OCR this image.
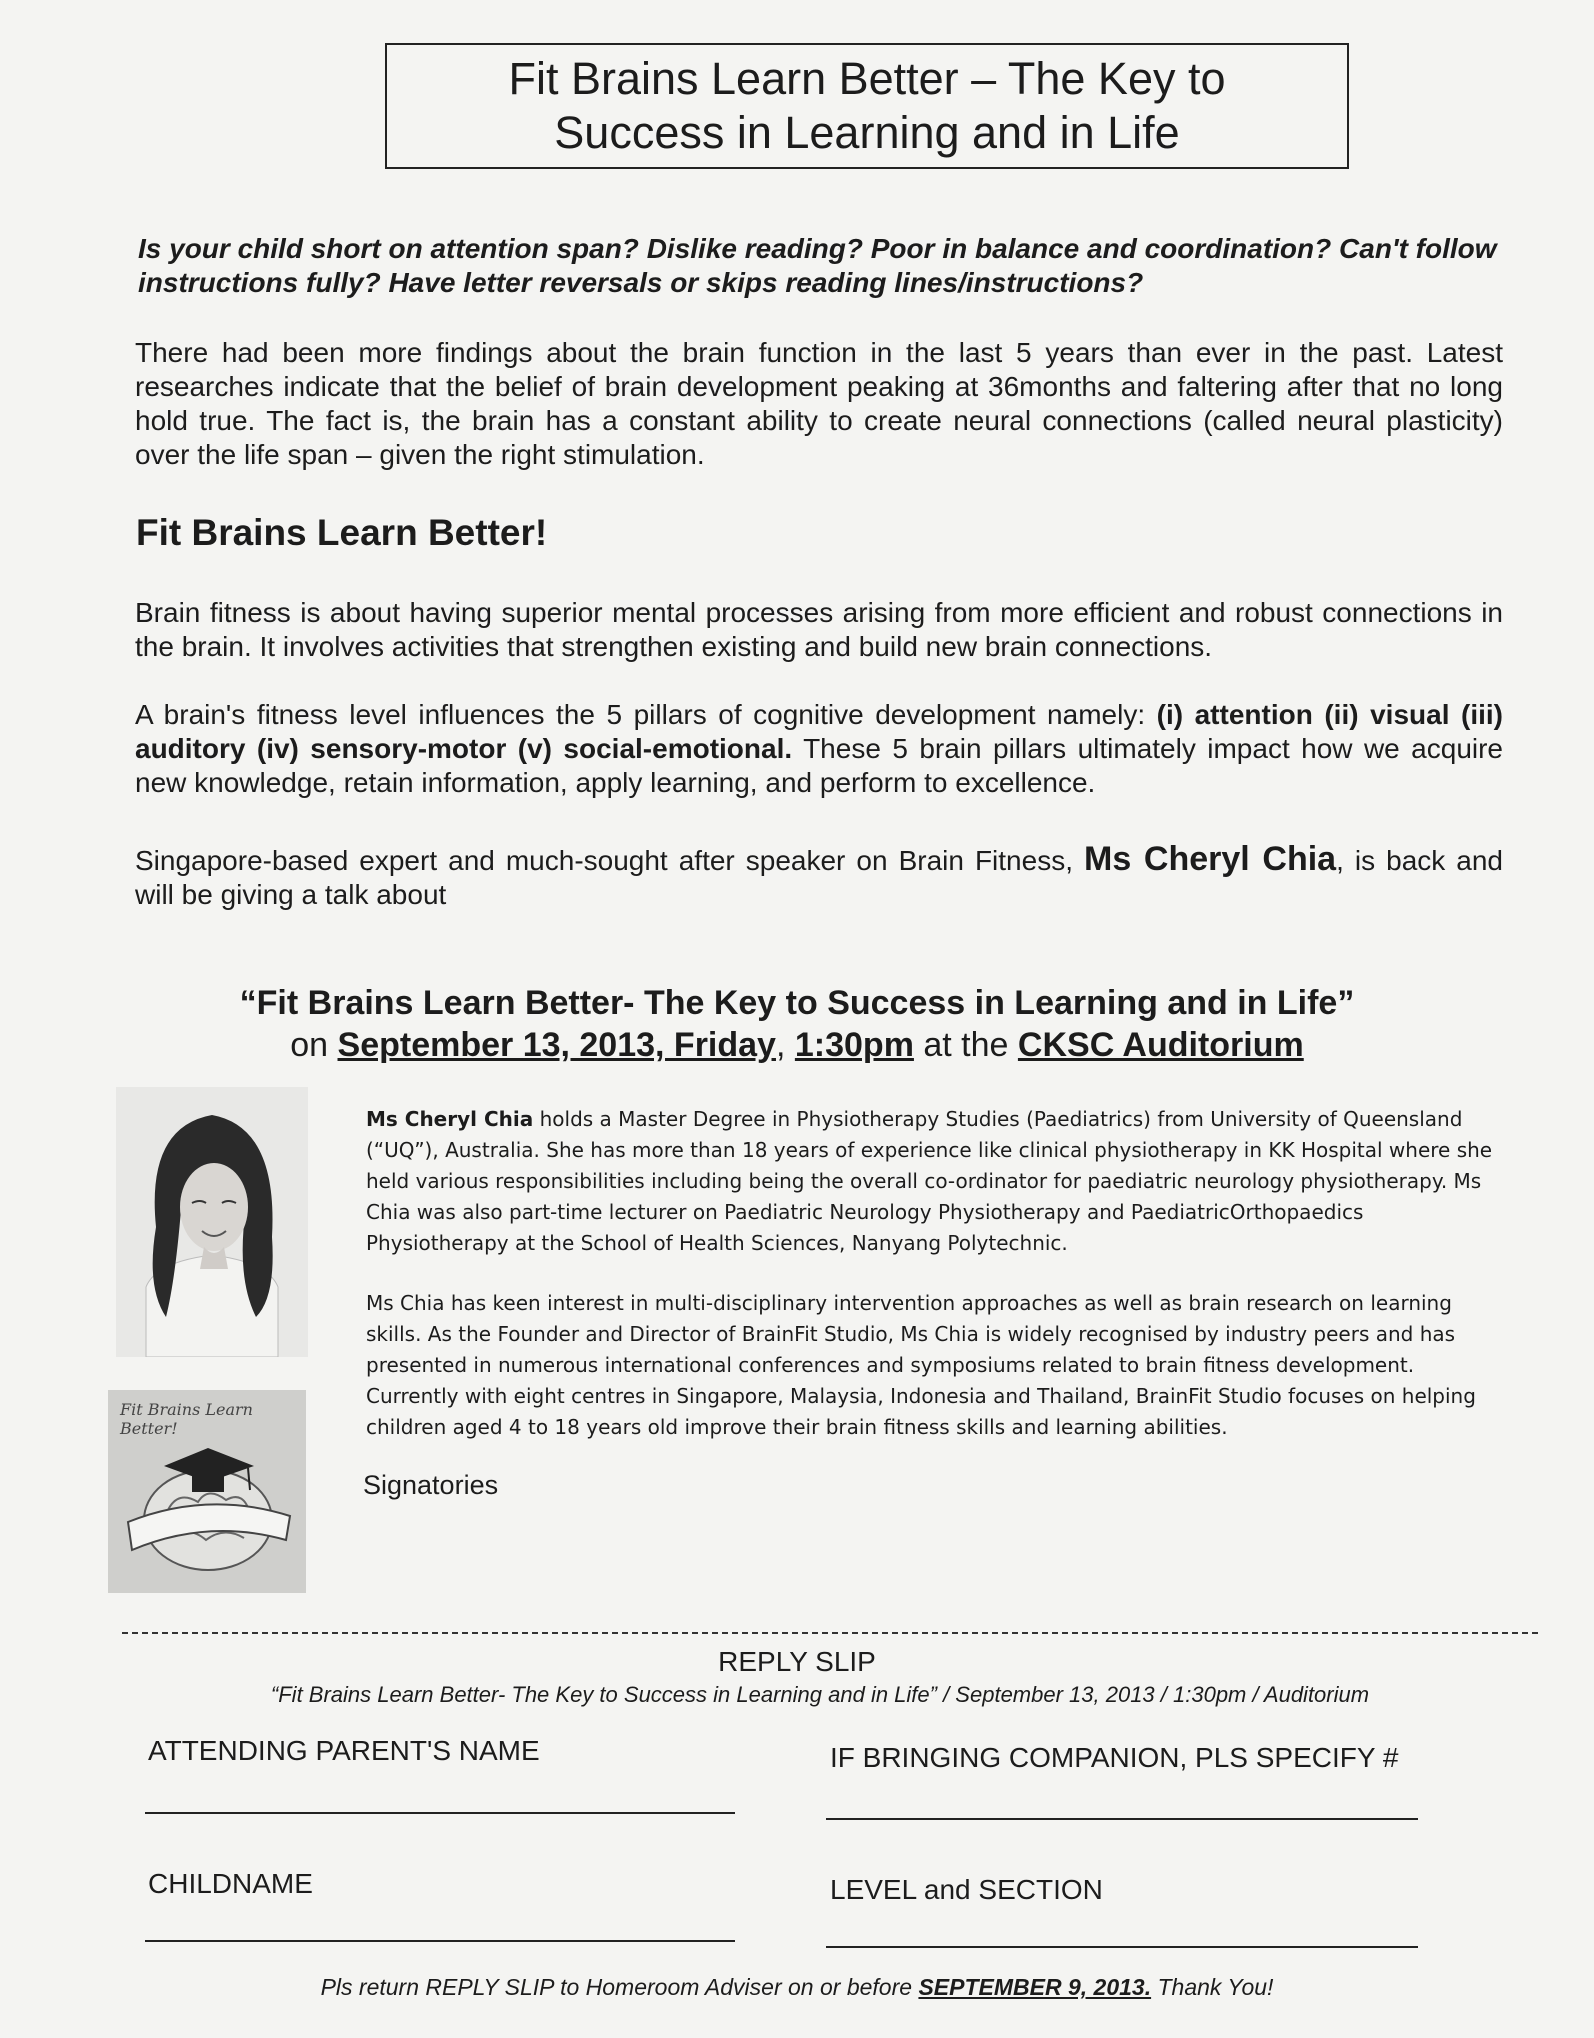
Fit Brains Learn Better – The Key to
Success in Learning and in Life
Is your child short on attention span? Dislike reading? Poor in balance and coordination? Can't follow instructions fully? Have letter reversals or skips reading lines/instructions?
There had been more findings about the brain function in the last 5 years than ever in the past. Latest researches indicate that the belief of brain development peaking at 36months and faltering after that no long hold true. The fact is, the brain has a constant ability to create neural connections (called neural plasticity) over the life span – given the right stimulation.
Fit Brains Learn Better!
Brain fitness is about having superior mental processes arising from more efficient and robust connections in the brain. It involves activities that strengthen existing and build new brain connections.
A brain's fitness level influences the 5 pillars of cognitive development namely: (i) attention (ii) visual (iii) auditory (iv) sensory-motor (v) social-emotional. These 5 brain pillars ultimately impact how we acquire new knowledge, retain information, apply learning, and perform to excellence.
Singapore-based expert and much-sought after speaker on Brain Fitness, Ms Cheryl Chia, is back and will be giving a talk about
“Fit Brains Learn Better- The Key to Success in Learning and in Life”
on September 13, 2013, Friday, 1:30pm at the CKSC Auditorium
Fit Brains Learn Better!
Ms Cheryl Chia holds a Master Degree in Physiotherapy Studies (Paediatrics) from University of Queensland (“UQ”), Australia. She has more than 18 years of experience like clinical physiotherapy in KK Hospital where she held various responsibilities including being the overall co-ordinator for paediatric neurology physiotherapy. Ms Chia was also part-time lecturer on Paediatric Neurology Physiotherapy and PaediatricOrthopaedics Physiotherapy at the School of Health Sciences, Nanyang Polytechnic.
Ms Chia has keen interest in multi-disciplinary intervention approaches as well as brain research on learning skills. As the Founder and Director of BrainFit Studio, Ms Chia is widely recognised by industry peers and has presented in numerous international conferences and symposiums related to brain fitness development. Currently with eight centres in Singapore, Malaysia, Indonesia and Thailand, BrainFit Studio focuses on helping children aged 4 to 18 years old improve their brain fitness skills and learning abilities.
Signatories
REPLY SLIP
“Fit Brains Learn Better- The Key to Success in Learning and in Life” / September 13, 2013 / 1:30pm / Auditorium
ATTENDING PARENT'S NAME	IF BRINGING COMPANION, PLS SPECIFY #
CHILDNAME	LEVEL and SECTION
Pls return REPLY SLIP to Homeroom Adviser on or before SEPTEMBER 9, 2013. Thank You!
